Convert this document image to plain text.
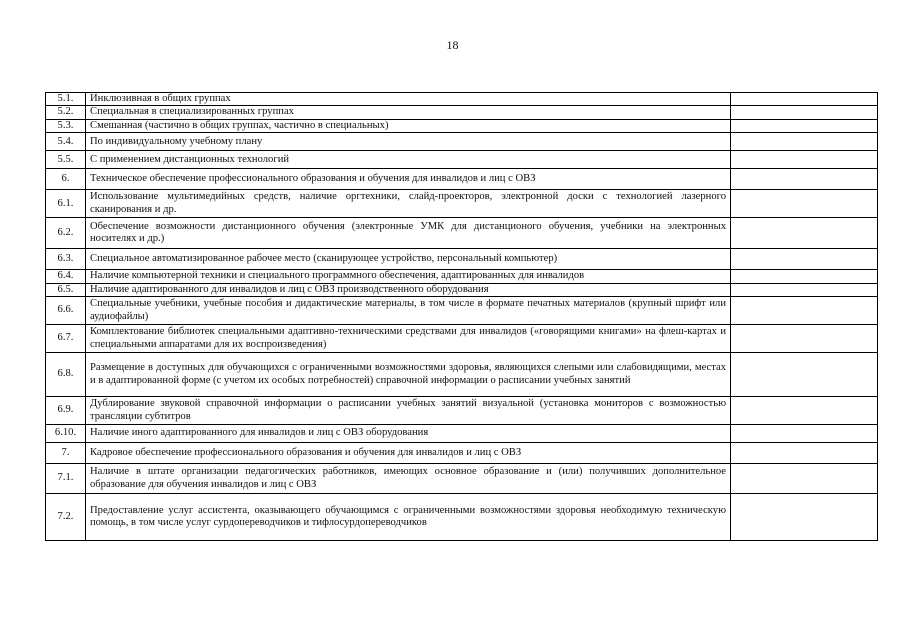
18
5.1.	Инклюзивная в общих группах	
5.2.	Специальная в специализированных группах	
5.3.	Смешанная (частично в общих группах, частично в специальных)	
5.4.	По индивидуальному учебному плану	
5.5.	С применением дистанционных технологий	
6.	Техническое обеспечение профессионального образования и обучения для инвалидов и лиц с ОВЗ	
6.1.	Использование мультимедийных средств, наличие оргтехники, слайд-проекторов, электронной доски с технологией лазерного сканирования и др.	
6.2.	Обеспечение возможности дистанционного обучения (электронные УМК для дистанционого обучения, учебники на электронных носителях и др.)	
6.3.	Специальное автоматизированное рабочее место (сканирующее устройство, персональный компьютер)	
6.4.	Наличие компьютерной техники и специального программного обеспечения, адаптированных для инвалидов	
6.5.	Наличие адаптированного для инвалидов и лиц с ОВЗ производственного оборудования	
6.6.	Специальные учебники, учебные пособия и дидактические материалы, в том числе в формате печатных материалов (крупный шрифт или аудиофайлы)	
6.7.	Комплектование библиотек специальными адаптивно-техническими средствами для инвалидов («говорящими книгами» на флеш-картах и специальными аппаратами для их воспроизведения)	
6.8.	Размещение в доступных для обучающихся с ограниченными возможностями здоровья, являющихся слепыми или слабовидящими, местах и в адаптированной форме (с учетом их особых потребностей) справочной информации о расписании учебных занятий	
6.9.	Дублирование звуковой справочной информации о расписании учебных занятий визуальной (установка мониторов с возможностью трансляции субтитров	
6.10.	Наличие иного адаптированного для инвалидов и лиц с ОВЗ оборудования	
7.	Кадровое обеспечение профессионального образования и обучения для инвалидов и лиц с ОВЗ	
7.1.	Наличие в штате организации педагогических работников, имеющих основное образование и (или) получивших дополнительное образование для обучения инвалидов и лиц с ОВЗ	
7.2.	Предоставление услуг ассистента, оказывающего обучающимся с ограниченными возможностями здоровья необходимую техническую помощь, в том числе услуг сурдопереводчиков и тифлосурдопереводчиков	
